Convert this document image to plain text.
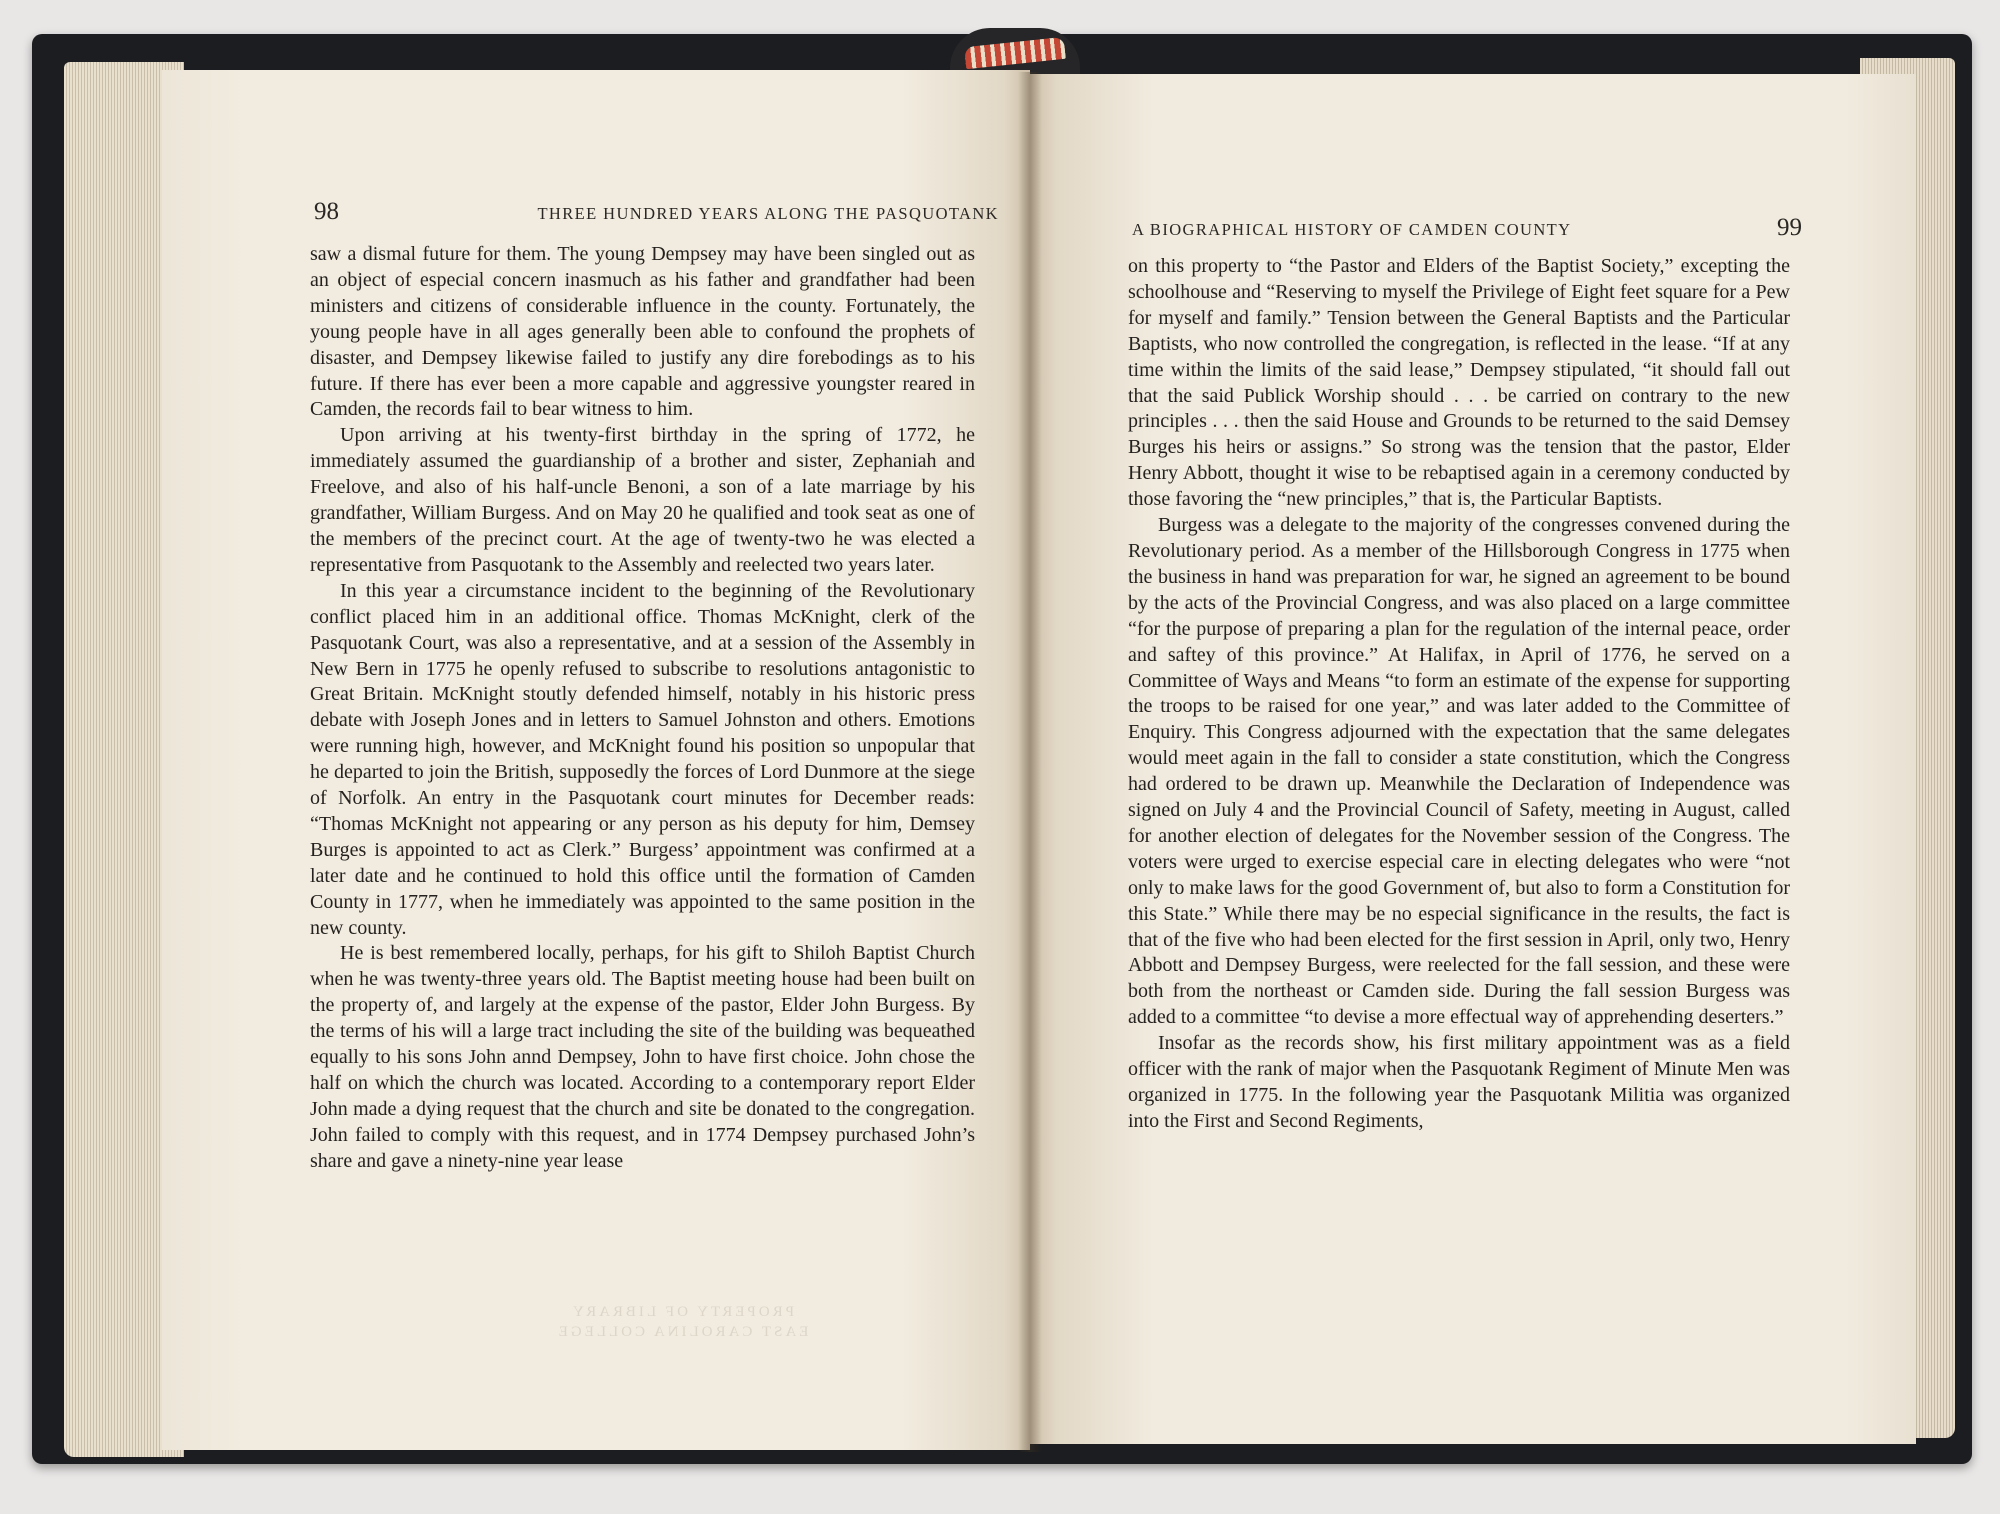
98	THREE HUNDRED YEARS ALONG THE PASQUOTANK

saw a dismal future for them. The young Dempsey may have been singled out as an object of especial concern inasmuch as his father and grandfather had been ministers and citizens of considerable influence in the county. Fortunately, the young people have in all ages generally been able to confound the prophets of disaster, and Dempsey likewise failed to justify any dire forebodings as to his future. If there has ever been a more capable and aggressive youngster reared in Camden, the records fail to bear witness to him.

Upon arriving at his twenty-first birthday in the spring of 1772, he immediately assumed the guardianship of a brother and sister, Zephaniah and Freelove, and also of his half-uncle Benoni, a son of a late marriage by his grandfather, William Burgess. And on May 20 he qualified and took seat as one of the members of the precinct court. At the age of twenty-two he was elected a representative from Pasquotank to the Assembly and reelected two years later.

In this year a circumstance incident to the beginning of the Revolutionary conflict placed him in an additional office. Thomas McKnight, clerk of the Pasquotank Court, was also a representative, and at a session of the Assembly in New Bern in 1775 he openly refused to subscribe to resolutions antagonistic to Great Britain. McKnight stoutly defended himself, notably in his historic press debate with Joseph Jones and in letters to Samuel Johnston and others. Emotions were running high, however, and McKnight found his position so unpopular that he departed to join the British, supposedly the forces of Lord Dunmore at the siege of Norfolk. An entry in the Pasquotank court minutes for December reads: “Thomas McKnight not appearing or any person as his deputy for him, Demsey Burges is appointed to act as Clerk.” Burgess’ appointment was confirmed at a later date and he continued to hold this office until the formation of Camden County in 1777, when he immediately was appointed to the same position in the new county.

He is best remembered locally, perhaps, for his gift to Shiloh Baptist Church when he was twenty-three years old. The Baptist meeting house had been built on the property of, and largely at the expense of the pastor, Elder John Burgess. By the terms of his will a large tract including the site of the building was bequeathed equally to his sons John annd Dempsey, John to have first choice. John chose the half on which the church was located. According to a contemporary report Elder John made a dying request that the church and site be donated to the congregation. John failed to comply with this request, and in 1774 Dempsey purchased John’s share and gave a ninety-nine year lease

PROPERTY OF LIBRARY
EAST CAROLINA COLLEGE
A BIOGRAPHICAL HISTORY OF CAMDEN COUNTY	99

on this property to “the Pastor and Elders of the Baptist Society,” excepting the schoolhouse and “Reserving to myself the Privilege of Eight feet square for a Pew for myself and family.” Tension between the General Baptists and the Particular Baptists, who now controlled the congregation, is reflected in the lease. “If at any time within the limits of the said lease,” Dempsey stipulated, “it should fall out that the said Publick Worship should . . . be carried on contrary to the new principles . . . then the said House and Grounds to be returned to the said Demsey Burges his heirs or assigns.” So strong was the tension that the pastor, Elder Henry Abbott, thought it wise to be rebaptised again in a ceremony conducted by those favoring the “new principles,” that is, the Particular Baptists.

Burgess was a delegate to the majority of the congresses convened during the Revolutionary period. As a member of the Hillsborough Congress in 1775 when the business in hand was preparation for war, he signed an agreement to be bound by the acts of the Provincial Congress, and was also placed on a large committee “for the purpose of preparing a plan for the regulation of the internal peace, order and saftey of this province.” At Halifax, in April of 1776, he served on a Committee of Ways and Means “to form an estimate of the expense for supporting the troops to be raised for one year,” and was later added to the Committee of Enquiry. This Congress adjourned with the expectation that the same delegates would meet again in the fall to consider a state constitution, which the Congress had ordered to be drawn up. Meanwhile the Declaration of Independence was signed on July 4 and the Provincial Council of Safety, meeting in August, called for another election of delegates for the November session of the Congress. The voters were urged to exercise especial care in electing delegates who were “not only to make laws for the good Government of, but also to form a Constitution for this State.” While there may be no especial significance in the results, the fact is that of the five who had been elected for the first session in April, only two, Henry Abbott and Dempsey Burgess, were reelected for the fall session, and these were both from the northeast or Camden side. During the fall session Burgess was added to a committee “to devise a more effectual way of apprehending deserters.”

Insofar as the records show, his first military appointment was as a field officer with the rank of major when the Pasquotank Regiment of Minute Men was organized in 1775. In the following year the Pasquotank Militia was organized into the First and Second Regiments,
